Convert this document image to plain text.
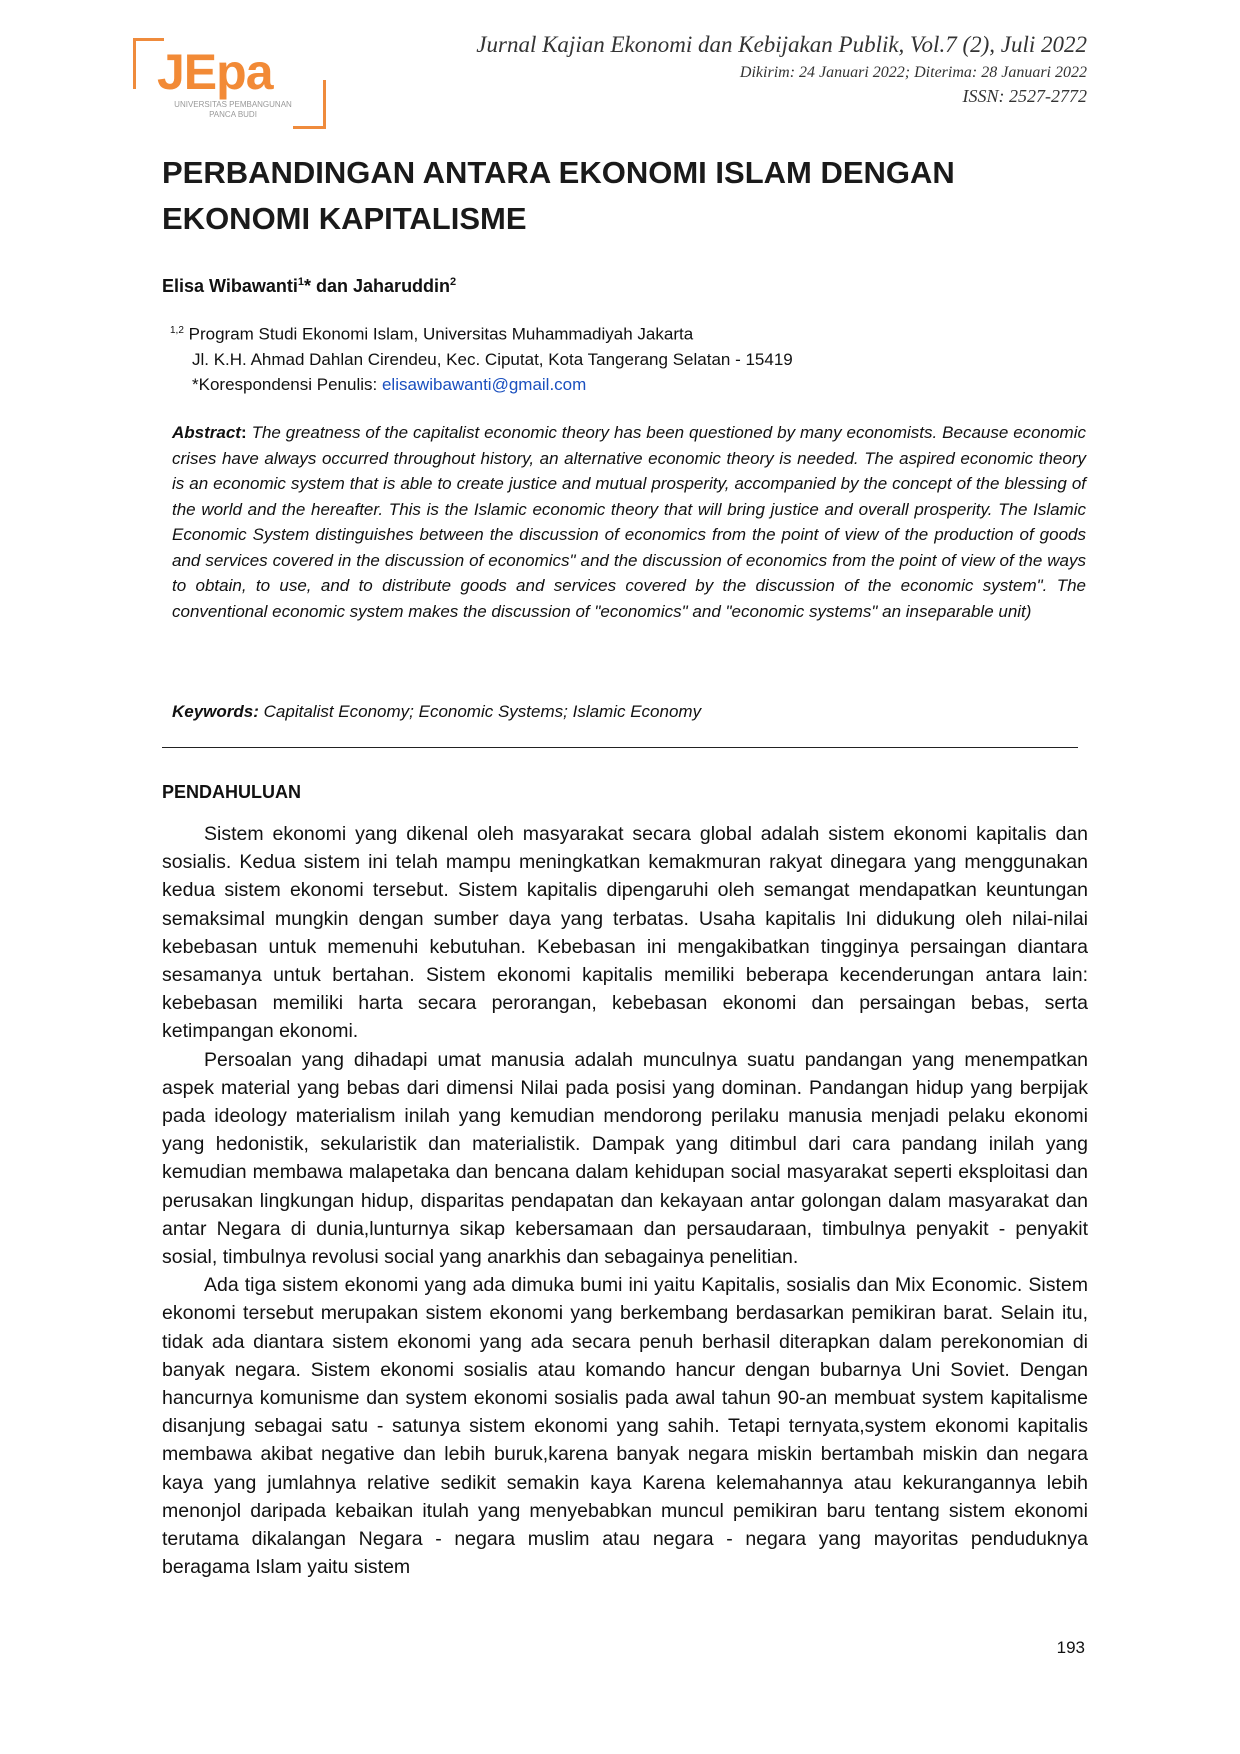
JEpa
UNIVERSITAS PEMBANGUNAN
PANCA BUDI
Jurnal Kajian Ekonomi dan Kebijakan Publik, Vol.7 (2), Juli 2022
Dikirim: 24 Januari 2022; Diterima: 28 Januari 2022
ISSN: 2527-2772
PERBANDINGAN ANTARA EKONOMI ISLAM DENGAN
EKONOMI KAPITALISME
Elisa Wibawanti$^1$* dan Jaharuddin$^2$
$^{1,2}$ Program Studi Ekonomi Islam, Universitas Muhammadiyah Jakarta
Jl. K.H. Ahmad Dahlan Cirendeu, Kec. Ciputat, Kota Tangerang Selatan - 15419
*Korespondensi Penulis: elisawibawanti@gmail.com
Abstract: The greatness of the capitalist economic theory has been questioned by many economists. Because economic crises have always occurred throughout history, an alternative economic theory is needed. The aspired economic theory is an economic system that is able to create justice and mutual prosperity, accompanied by the concept of the blessing of the world and the hereafter. This is the Islamic economic theory that will bring justice and overall prosperity. The Islamic Economic System distinguishes between the discussion of economics from the point of view of the production of goods and services covered in the discussion of economics" and the discussion of economics from the point of view of the ways to obtain, to use, and to distribute goods and services covered by the discussion of the economic system". The conventional economic system makes the discussion of "economics" and "economic systems" an inseparable unit)
Keywords: Capitalist Economy; Economic Systems; Islamic Economy
PENDAHULUAN

Sistem ekonomi yang dikenal oleh masyarakat secara global adalah sistem ekonomi kapitalis dan sosialis. Kedua sistem ini telah mampu meningkatkan kemakmuran rakyat dinegara yang menggunakan kedua sistem ekonomi tersebut. Sistem kapitalis dipengaruhi oleh semangat mendapatkan keuntungan semaksimal mungkin dengan sumber daya yang terbatas. Usaha kapitalis Ini didukung oleh nilai-nilai kebebasan untuk memenuhi kebutuhan. Kebebasan ini mengakibatkan tingginya persaingan diantara sesamanya untuk bertahan. Sistem ekonomi kapitalis memiliki beberapa kecenderungan antara lain: kebebasan memiliki harta secara perorangan, kebebasan ekonomi dan persaingan bebas, serta ketimpangan ekonomi.

Persoalan yang dihadapi umat manusia adalah munculnya suatu pandangan yang menempatkan aspek material yang bebas dari dimensi Nilai pada posisi yang dominan. Pandangan hidup yang berpijak pada ideology materialism inilah yang kemudian mendorong perilaku manusia menjadi pelaku ekonomi yang hedonistik, sekularistik dan materialistik. Dampak yang ditimbul dari cara pandang inilah yang kemudian membawa malapetaka dan bencana dalam kehidupan social masyarakat seperti eksploitasi dan perusakan lingkungan hidup, disparitas pendapatan dan kekayaan antar golongan dalam masyarakat dan antar Negara di dunia,lunturnya sikap kebersamaan dan persaudaraan, timbulnya penyakit - penyakit sosial, timbulnya revolusi social yang anarkhis dan sebagainya penelitian.

Ada tiga sistem ekonomi yang ada dimuka bumi ini yaitu Kapitalis, sosialis dan Mix Economic. Sistem ekonomi tersebut merupakan sistem ekonomi yang berkembang berdasarkan pemikiran barat. Selain itu, tidak ada diantara sistem ekonomi yang ada secara penuh berhasil diterapkan dalam perekonomian di banyak negara. Sistem ekonomi sosialis atau komando hancur dengan bubarnya Uni Soviet. Dengan hancurnya komunisme dan system ekonomi sosialis pada awal tahun 90-an membuat system kapitalisme disanjung sebagai satu - satunya sistem ekonomi yang sahih. Tetapi ternyata,system ekonomi kapitalis membawa akibat negative dan lebih buruk,karena banyak negara miskin bertambah miskin dan negara kaya yang jumlahnya relative sedikit semakin kaya Karena kelemahannya atau kekurangannya lebih menonjol daripada kebaikan itulah yang menyebabkan muncul pemikiran baru tentang sistem ekonomi terutama dikalangan Negara - negara muslim atau negara - negara yang mayoritas penduduknya beragama Islam yaitu sistem

193
